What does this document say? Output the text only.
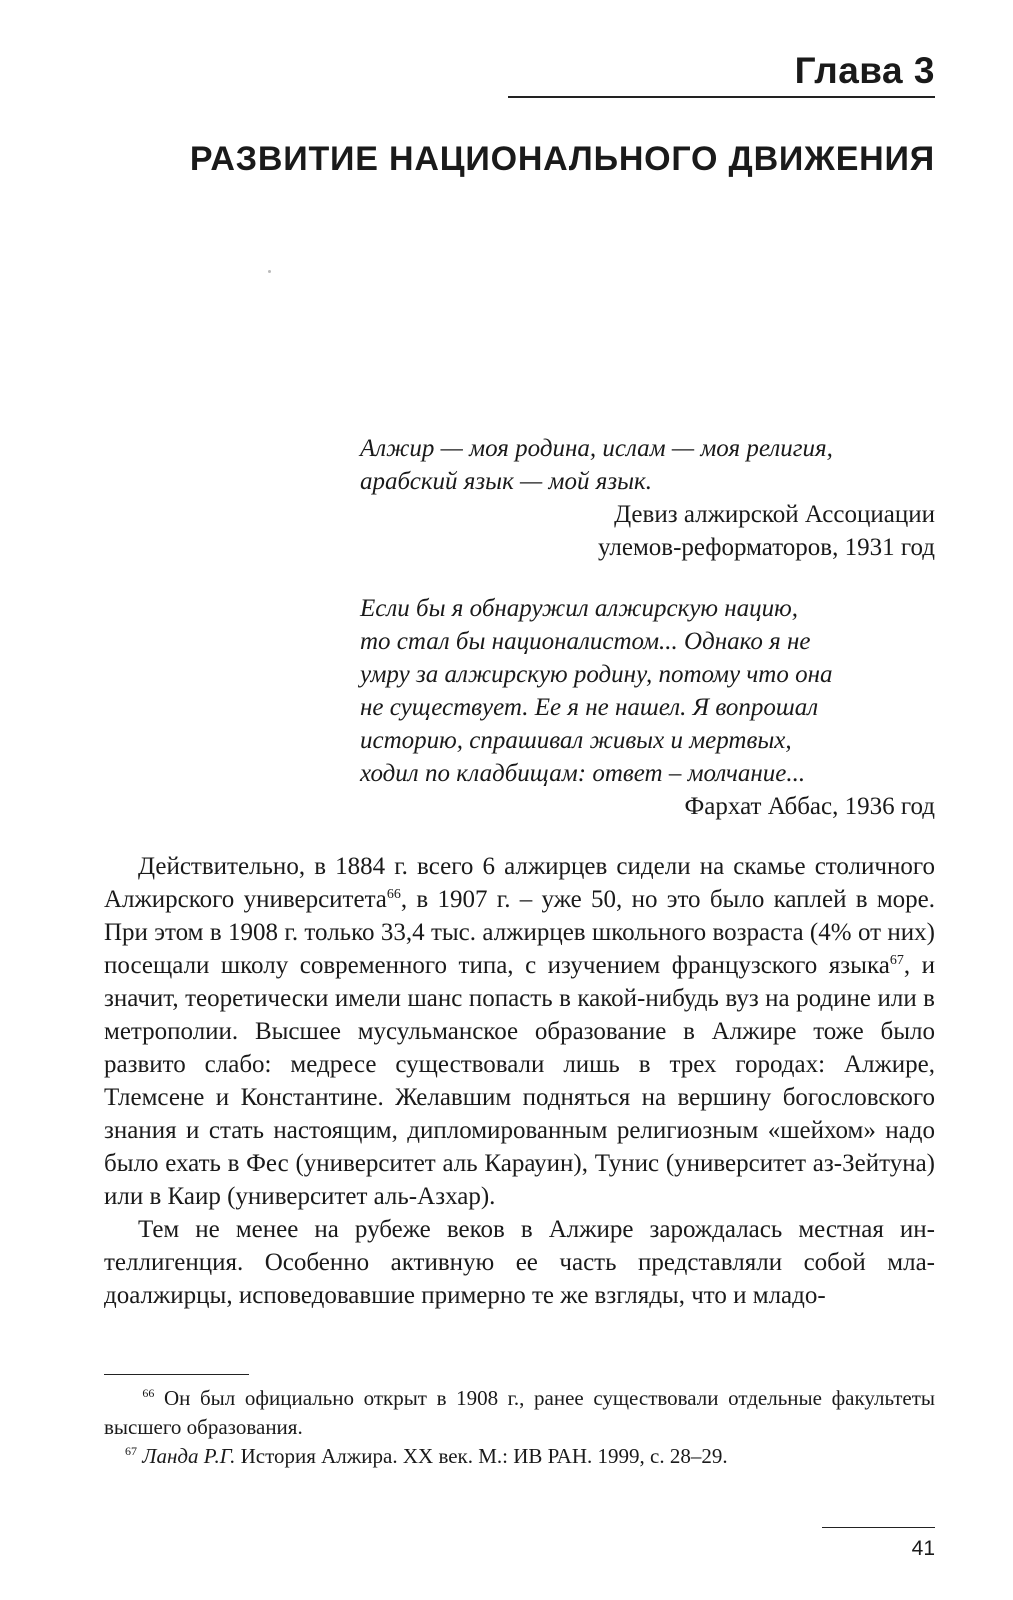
Глава 3
РАЗВИТИЕ НАЦИОНАЛЬНОГО ДВИЖЕНИЯ

Алжир — моя родина, ислам — моя религия,

арабский язык — мой язык.

Девиз алжирской Ассоциации

улемов-реформаторов, 1931 год

Если бы я обнаружил алжирскую нацию,

то стал бы националистом... Однако я не

умру за алжирскую родину, потому что она

не существует. Ее я не нашел. Я вопрошал

историю, спрашивал живых и мертвых,

ходил по кладбищам: ответ – молчание...

Фархат Аббас, 1936 год

Действительно, в 1884 г. всего 6 алжирцев сидели на скамье столичного Алжирского университета$^{66}$, в 1907 г. – уже 50, но это было каплей в море. При этом в 1908 г. только 33,4 тыс. алжирцев школьного возраста (4% от них) посещали школу современного типа, с изучением французского языка$^{67}$, и значит, теоретически имели шанс попасть в какой-нибудь вуз на родине или в метрополии. Высшее мусульманское образование в Алжире тоже было развито слабо: медресе существовали лишь в трех городах: Алжире, Тлемсене и Константине. Желавшим подняться на вершину богословского знания и стать настоящим, дипломированным религиозным «шейхом» надо было ехать в Фес (университет аль Карауин), Тунис (университет аз-Зейтуна) или в Каир (университет аль-Азхар).

Тем не менее на рубеже веков в Алжире зарождалась местная интеллигенция. Особенно активную ее часть представляли собой младоалжирцы, исповедовавшие примерно те же взгляды, что и младо-

$^{66}$ Он был официально открыт в 1908 г., ранее существовали отдельные факультеты высшего образования.

$^{67}$ Ланда Р.Г. История Алжира. XX век. М.: ИВ РАН. 1999, с. 28–29.

41
